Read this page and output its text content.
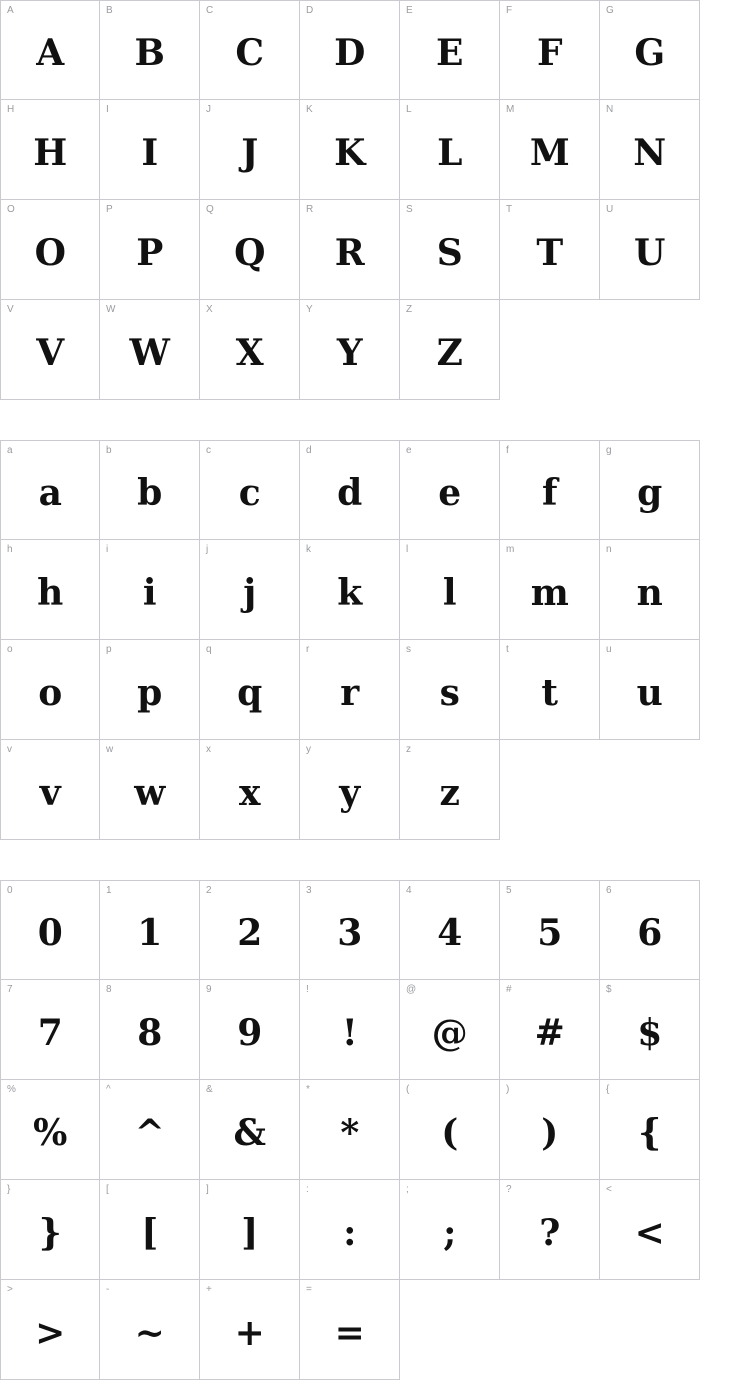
A
A
B
B
C
C
D
D
E
E
F
F
G
G
H
H
I
I
J
J
K
K
L
L
M
M
N
N
O
O
P
P
Q
Q
R
R
S
S
T
T
U
U
V
V
W
W
X
X
Y
Y
Z
Z
a
a
b
b
c
c
d
d
e
e
f
f
g
g
h
h
i
i
j
j
k
k
l
l
m
m
n
n
o
o
p
p
q
q
r
r
s
s
t
t
u
u
v
v
w
w
x
x
y
y
z
z
0
0
1
1
2
2
3
3
4
4
5
5
6
6
7
7
8
8
9
9
!
!
@
@
#
#
$
$
%
%
^
^
&
&
*
*
(
(
)
)
{
{
}
}
[
[
]
]
:
:
;
;
?
?
<
<
>
>
-
~
+
+
=
=
